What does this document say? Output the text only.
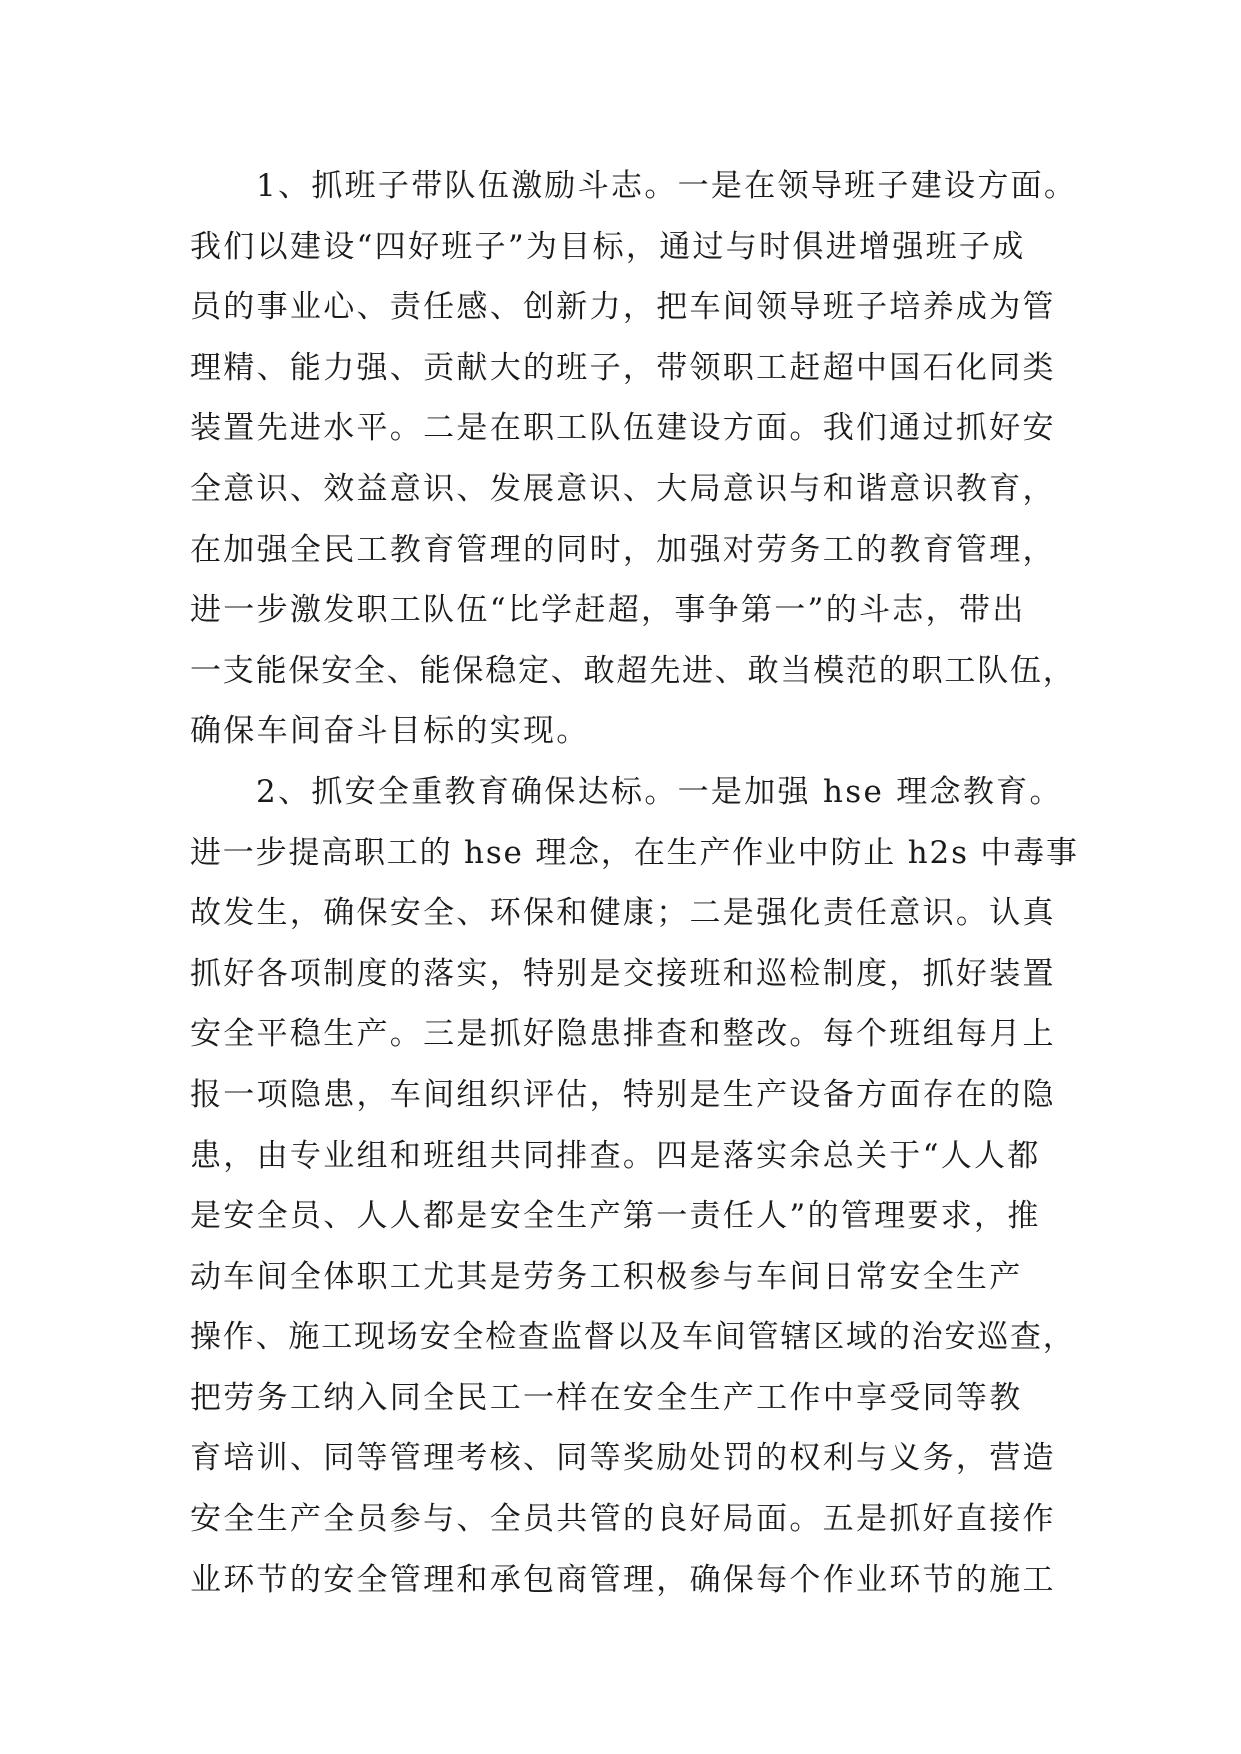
1、抓班子带队伍激励斗志。一是在领导班子建设方面。
我们以建设“四好班子”为目标，通过与时俱进增强班子成
员的事业心、责任感、创新力，把车间领导班子培养成为管
理精、能力强、贡献大的班子，带领职工赶超中国石化同类
装置先进水平。二是在职工队伍建设方面。我们通过抓好安
全意识、效益意识、发展意识、大局意识与和谐意识教育，
在加强全民工教育管理的同时，加强对劳务工的教育管理，
进一步激发职工队伍“比学赶超，事争第一”的斗志，带出
一支能保安全、能保稳定、敢超先进、敢当模范的职工队伍，
确保车间奋斗目标的实现。
2、抓安全重教育确保达标。一是加强 hse 理念教育。
进一步提高职工的 hse 理念，在生产作业中防止 h2s 中毒事
故发生，确保安全、环保和健康；二是强化责任意识。认真
抓好各项制度的落实，特别是交接班和巡检制度，抓好装置
安全平稳生产。三是抓好隐患排查和整改。每个班组每月上
报一项隐患，车间组织评估，特别是生产设备方面存在的隐
患，由专业组和班组共同排查。四是落实余总关于“人人都
是安全员、人人都是安全生产第一责任人”的管理要求，推
动车间全体职工尤其是劳务工积极参与车间日常安全生产
操作、施工现场安全检查监督以及车间管辖区域的治安巡查，
把劳务工纳入同全民工一样在安全生产工作中享受同等教
育培训、同等管理考核、同等奖励处罚的权利与义务，营造
安全生产全员参与、全员共管的良好局面。五是抓好直接作
业环节的安全管理和承包商管理，确保每个作业环节的施工
